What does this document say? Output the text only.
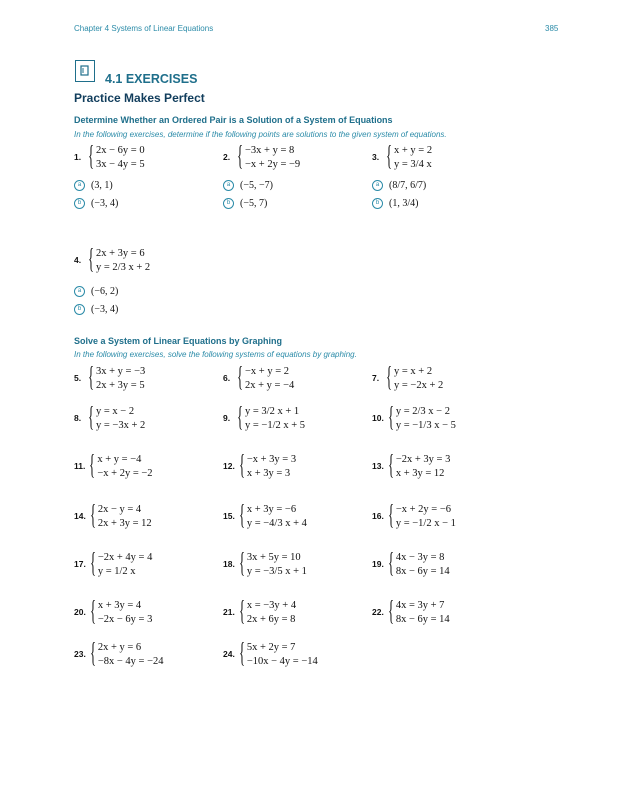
Chapter 4 Systems of Linear Equations	385
4.1 EXERCISES
Practice Makes Perfect
Determine Whether an Ordered Pair is a Solution of a System of Equations
In the following exercises, determine if the following points are solutions to the given system of equations.
1. { 2x − 6y = 0
3x − 4y = 5
a (3, 1)
b (−3, 4)
2. { −3x + y = 8
−x + 2y = −9
a (−5, −7)
b (−5, 7)
3. { x + y = 2
y = 3/4 x
a (8/7, 6/7)
b (1, 3/4)
4. { 2x + 3y = 6
y = 2/3 x + 2
a (−6, 2)
b (−3, 4)
Solve a System of Linear Equations by Graphing
In the following exercises, solve the following systems of equations by graphing.
5. { 3x + y = −3
2x + 3y = 5
6. { −x + y = 2
2x + y = −4
7. { y = x + 2
y = −2x + 2
8. { y = x − 2
y = −3x + 2
9. { y = 3/2 x + 1
y = −1/2 x + 5
10. { y = 2/3 x − 2
y = −1/3 x − 5
11. { x + y = −4
−x + 2y = −2
12. { −x + 3y = 3
x + 3y = 3
13. { −2x + 3y = 3
x + 3y = 12
14. { 2x − y = 4
2x + 3y = 12
15. { x + 3y = −6
y = −4/3 x + 4
16. { −x + 2y = −6
y = −1/2 x − 1
17. { −2x + 4y = 4
y = 1/2 x
18. { 3x + 5y = 10
y = −3/5 x + 1
19. { 4x − 3y = 8
8x − 6y = 14
20. { x + 3y = 4
−2x − 6y = 3
21. { x = −3y + 4
2x + 6y = 8
22. { 4x = 3y + 7
8x − 6y = 14
23. { 2x + y = 6
−8x − 4y = −24
24. { 5x + 2y = 7
−10x − 4y = −14
